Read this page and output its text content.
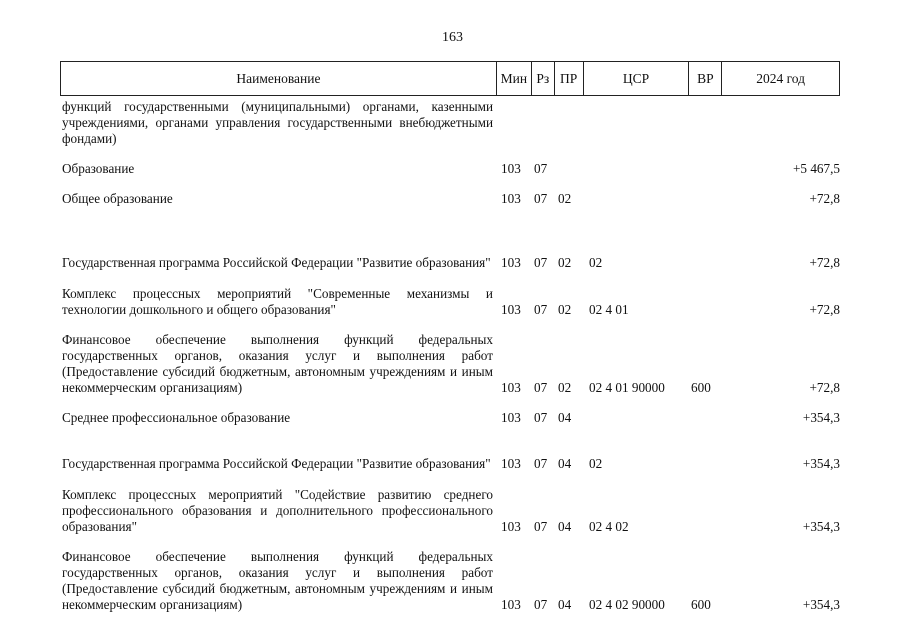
163
Наименование	Мин Рз ПР	ЦСР	ВР	2024 год
функций государственными (муниципальными) органами, казенными учреждениями, органами управления государственными внебюджетными фондами)
Образование	103	07	+5 467,5
Общее образование	103	07 02	+72,8
Государственная программа Российской Федерации "Развитие образования" 103	07 02	02	+72,8
Комплекс процессных мероприятий "Современные механизмы и технологии дошкольного и общего образования"	103	07 02	02 4 01	+72,8
Финансовое обеспечение выполнения функций федеральных государственных органов, оказания услуг и выполнения работ (Предоставление субсидий бюджетным, автономным учреждениям и иным некоммерческим организациям)	103	07 02	02 4 01 90000	600	+72,8
Среднее профессиональное образование	103	07 04	+354,3
Государственная программа Российской Федерации "Развитие образования" 103	07 04	02	+354,3
Комплекс процессных мероприятий "Содействие развитию среднего профессионального образования и дополнительного профессионального образования"	103	07 04	02 4 02	+354,3
Финансовое обеспечение выполнения функций федеральных государственных органов, оказания услуг и выполнения работ (Предоставление субсидий бюджетным, автономным учреждениям и иным некоммерческим организациям)	103	07 04	02 4 02 90000	600	+354,3
